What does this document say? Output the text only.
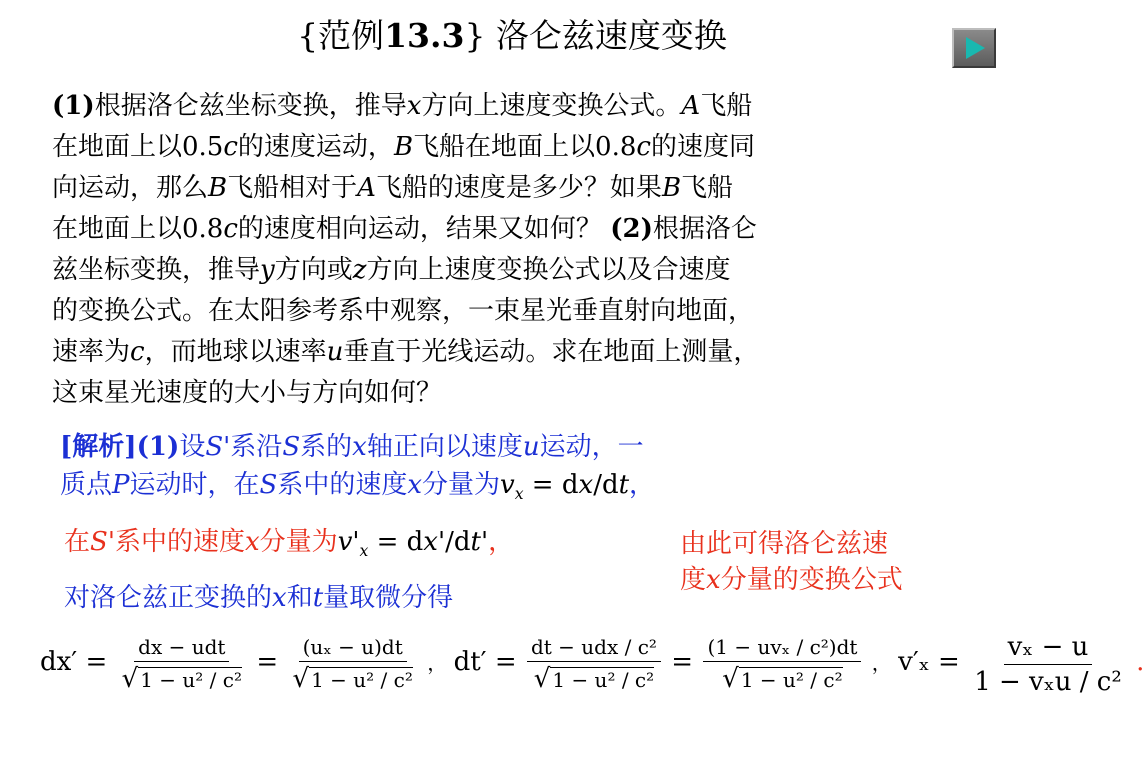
{范例13.3} 洛仑兹速度变换
(1)根据洛仑兹坐标变换，推导x方向上速度变换公式。A飞船
在地面上以0.5c的速度运动，B飞船在地面上以0.8c的速度同
向运动，那么B飞船相对于A飞船的速度是多少？如果B飞船
在地面上以0.8c的速度相向运动，结果又如何？ (2)根据洛仑
兹坐标变换，推导y方向或z方向上速度变换公式以及合速度
的变换公式。在太阳参考系中观察，一束星光垂直射向地面，
速率为c，而地球以速率u垂直于光线运动。求在地面上测量，
这束星光速度的大小与方向如何？
[解析](1)设S'系沿S系的x轴正向以速度u运动，一
质点P运动时，在S系中的速度x分量为$v_x = dx/dt$，
在S'系中的速度x分量为$v'_x = dx'/dt'$，
对洛仑兹正变换的x和t量取微分得
由此可得洛仑兹速
度x分量的变换公式
$dx' = \frac{\text{dx − udt}}{\text{√ 1 − u² / c²}} = \frac{\text{(uₓ − u)dt}}{\text{√ 1 − u² / c²}}$ ， $dt' = \frac{\text{dt − udx / c²}}{\text{√ 1 − u² / c²}} = \frac{\text{(1 − uvₓ / c²)dt}}{\text{√ 1 − u² / c²}}$ ， $v'_x = \frac{\text{vₓ − u}}{\text{1 − vₓu / c²}}$ .
